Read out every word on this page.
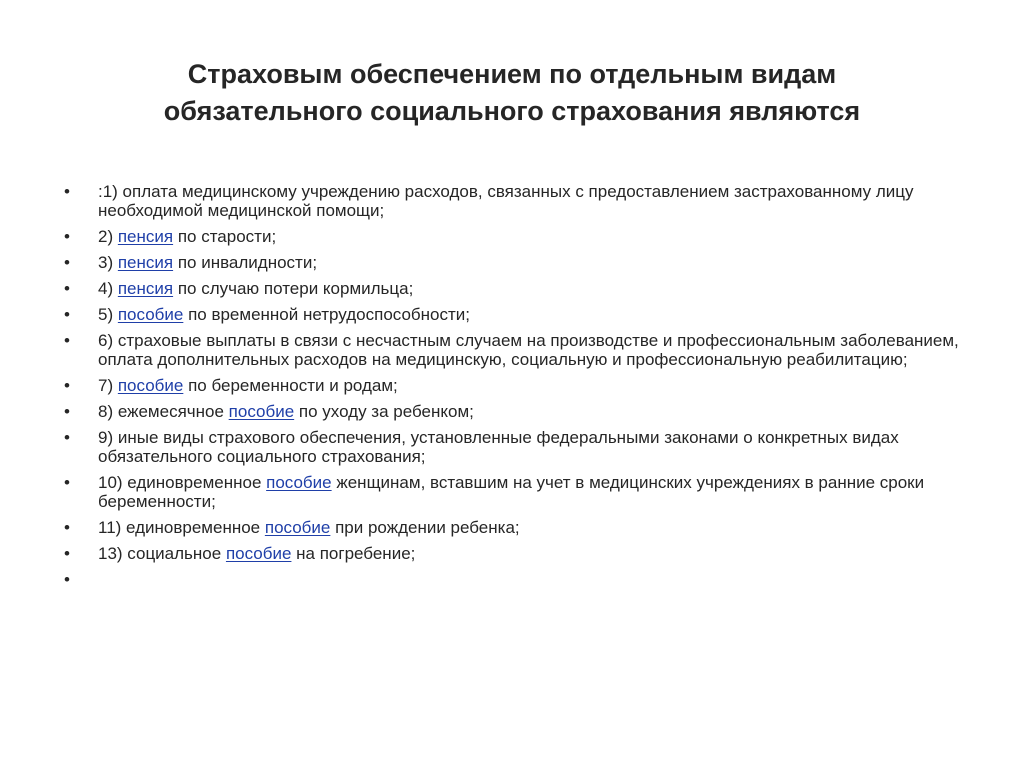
Страховым обеспечением по отдельным видам
обязательного социального страхования являются
• :1) оплата медицинскому учреждению расходов, связанных с предоставлением застрахованному лицу необходимой медицинской помощи;
• 2) пенсия по старости;
• 3) пенсия по инвалидности;
• 4) пенсия по случаю потери кормильца;
• 5) пособие по временной нетрудоспособности;
• 6) страховые выплаты в связи с несчастным случаем на производстве и профессиональным заболеванием, оплата дополнительных расходов на медицинскую, социальную и профессиональную реабилитацию;
• 7) пособие по беременности и родам;
• 8) ежемесячное пособие по уходу за ребенком;
• 9) иные виды страхового обеспечения, установленные федеральными законами о конкретных видах обязательного социального страхования;
• 10) единовременное пособие женщинам, вставшим на учет в медицинских учреждениях в ранние сроки беременности;
• 11) единовременное пособие при рождении ребенка;
• 13) социальное пособие на погребение;
•
